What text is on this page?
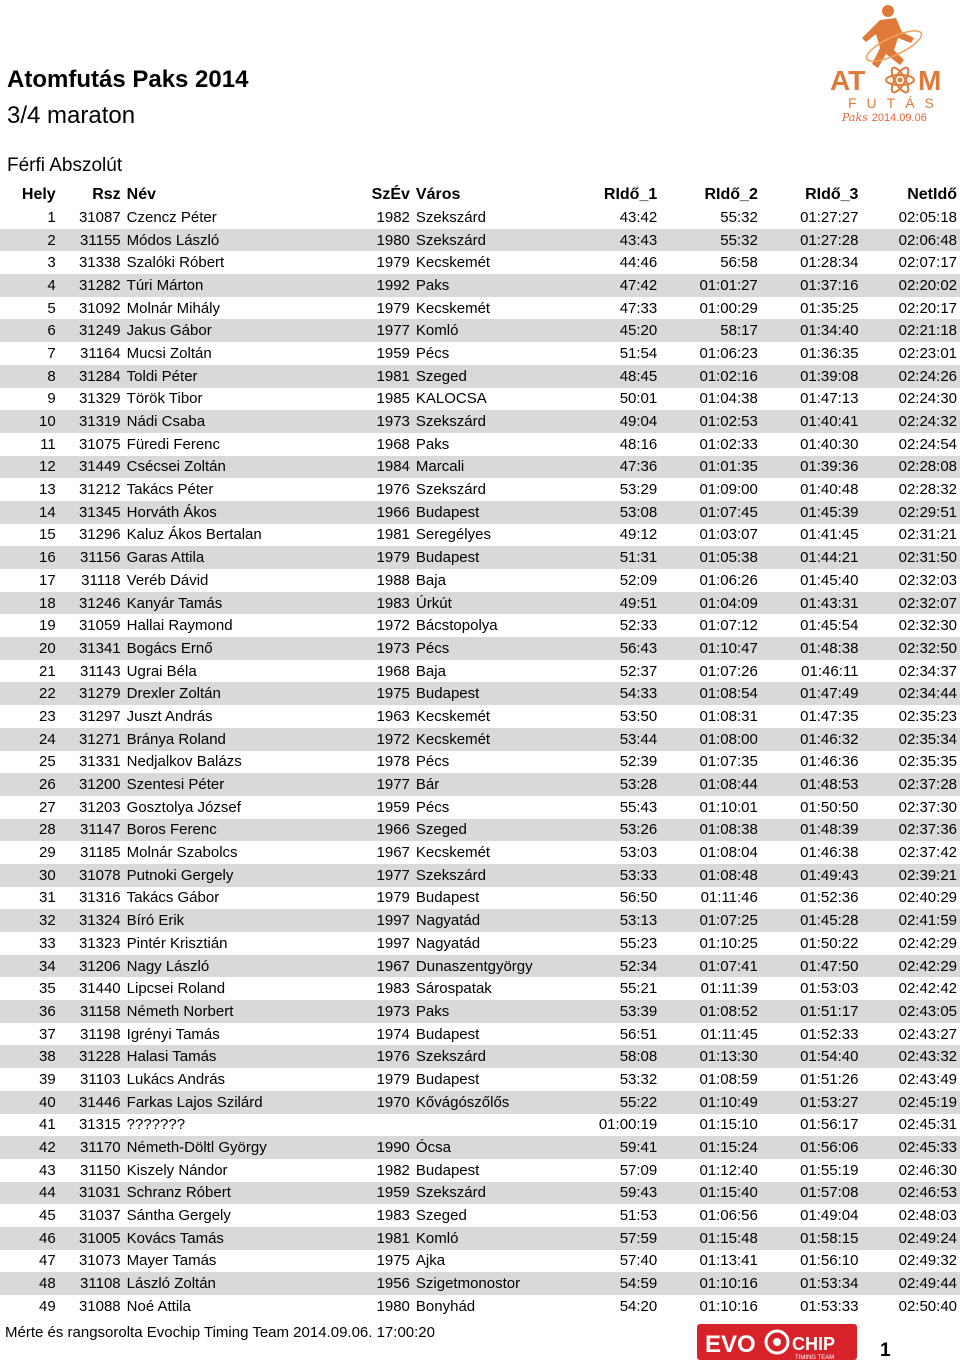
Atomfutás Paks 2014
3/4 maraton
Férfi Abszolút
AT M
FUTÁS
Paks 2014.09.06
Hely	Rsz	Név	SzÉv	Város	RIdő_1	RIdő_2	RIdő_3	NetIdő
1	31087	Czencz Péter	1982	Szekszárd	43:42	55:32	01:27:27	02:05:18
2	31155	Módos László	1980	Szekszárd	43:43	55:32	01:27:28	02:06:48
3	31338	Szalóki Róbert	1979	Kecskemét	44:46	56:58	01:28:34	02:07:17
4	31282	Túri Márton	1992	Paks	47:42	01:01:27	01:37:16	02:20:02
5	31092	Molnár Mihály	1979	Kecskemét	47:33	01:00:29	01:35:25	02:20:17
6	31249	Jakus Gábor	1977	Komló	45:20	58:17	01:34:40	02:21:18
7	31164	Mucsi Zoltán	1959	Pécs	51:54	01:06:23	01:36:35	02:23:01
8	31284	Toldi Péter	1981	Szeged	48:45	01:02:16	01:39:08	02:24:26
9	31329	Török Tibor	1985	KALOCSA	50:01	01:04:38	01:47:13	02:24:30
10	31319	Nádi Csaba	1973	Szekszárd	49:04	01:02:53	01:40:41	02:24:32
11	31075	Füredi Ferenc	1968	Paks	48:16	01:02:33	01:40:30	02:24:54
12	31449	Csécsei Zoltán	1984	Marcali	47:36	01:01:35	01:39:36	02:28:08
13	31212	Takács Péter	1976	Szekszárd	53:29	01:09:00	01:40:48	02:28:32
14	31345	Horváth Ákos	1966	Budapest	53:08	01:07:45	01:45:39	02:29:51
15	31296	Kaluz Ákos Bertalan	1981	Seregélyes	49:12	01:03:07	01:41:45	02:31:21
16	31156	Garas Attila	1979	Budapest	51:31	01:05:38	01:44:21	02:31:50
17	31118	Veréb Dávid	1988	Baja	52:09	01:06:26	01:45:40	02:32:03
18	31246	Kanyár Tamás	1983	Úrkút	49:51	01:04:09	01:43:31	02:32:07
19	31059	Hallai Raymond	1972	Bácstopolya	52:33	01:07:12	01:45:54	02:32:30
20	31341	Bogács Ernő	1973	Pécs	56:43	01:10:47	01:48:38	02:32:50
21	31143	Ugrai Béla	1968	Baja	52:37	01:07:26	01:46:11	02:34:37
22	31279	Drexler Zoltán	1975	Budapest	54:33	01:08:54	01:47:49	02:34:44
23	31297	Juszt András	1963	Kecskemét	53:50	01:08:31	01:47:35	02:35:23
24	31271	Bránya Roland	1972	Kecskemét	53:44	01:08:00	01:46:32	02:35:34
25	31331	Nedjalkov Balázs	1978	Pécs	52:39	01:07:35	01:46:36	02:35:35
26	31200	Szentesi Péter	1977	Bár	53:28	01:08:44	01:48:53	02:37:28
27	31203	Gosztolya József	1959	Pécs	55:43	01:10:01	01:50:50	02:37:30
28	31147	Boros Ferenc	1966	Szeged	53:26	01:08:38	01:48:39	02:37:36
29	31185	Molnár Szabolcs	1967	Kecskemét	53:03	01:08:04	01:46:38	02:37:42
30	31078	Putnoki Gergely	1977	Szekszárd	53:33	01:08:48	01:49:43	02:39:21
31	31316	Takács Gábor	1979	Budapest	56:50	01:11:46	01:52:36	02:40:29
32	31324	Bíró Erik	1997	Nagyatád	53:13	01:07:25	01:45:28	02:41:59
33	31323	Pintér Krisztián	1997	Nagyatád	55:23	01:10:25	01:50:22	02:42:29
34	31206	Nagy László	1967	Dunaszentgyörgy	52:34	01:07:41	01:47:50	02:42:29
35	31440	Lipcsei Roland	1983	Sárospatak	55:21	01:11:39	01:53:03	02:42:42
36	31158	Németh Norbert	1973	Paks	53:39	01:08:52	01:51:17	02:43:05
37	31198	Igrényi Tamás	1974	Budapest	56:51	01:11:45	01:52:33	02:43:27
38	31228	Halasi Tamás	1976	Szekszárd	58:08	01:13:30	01:54:40	02:43:32
39	31103	Lukács András	1979	Budapest	53:32	01:08:59	01:51:26	02:43:49
40	31446	Farkas Lajos Szilárd	1970	Kővágószőlős	55:22	01:10:49	01:53:27	02:45:19
41	31315	???????			01:00:19	01:15:10	01:56:17	02:45:31
42	31170	Németh-Döltl György	1990	Ócsa	59:41	01:15:24	01:56:06	02:45:33
43	31150	Kiszely Nándor	1982	Budapest	57:09	01:12:40	01:55:19	02:46:30
44	31031	Schranz Róbert	1959	Szekszárd	59:43	01:15:40	01:57:08	02:46:53
45	31037	Sántha Gergely	1983	Szeged	51:53	01:06:56	01:49:04	02:48:03
46	31005	Kovács Tamás	1981	Komló	57:59	01:15:48	01:58:15	02:49:24
47	31073	Mayer Tamás	1975	Ajka	57:40	01:13:41	01:56:10	02:49:32
48	31108	László Zoltán	1956	Szigetmonostor	54:59	01:10:16	01:53:34	02:49:44
49	31088	Noé Attila	1980	Bonyhád	54:20	01:10:16	01:53:33	02:50:40
Mérte és rangsorolta Evochip Timing Team 2014.09.06. 17:00:20	EVO CHIP
TIMING TEAM 1
